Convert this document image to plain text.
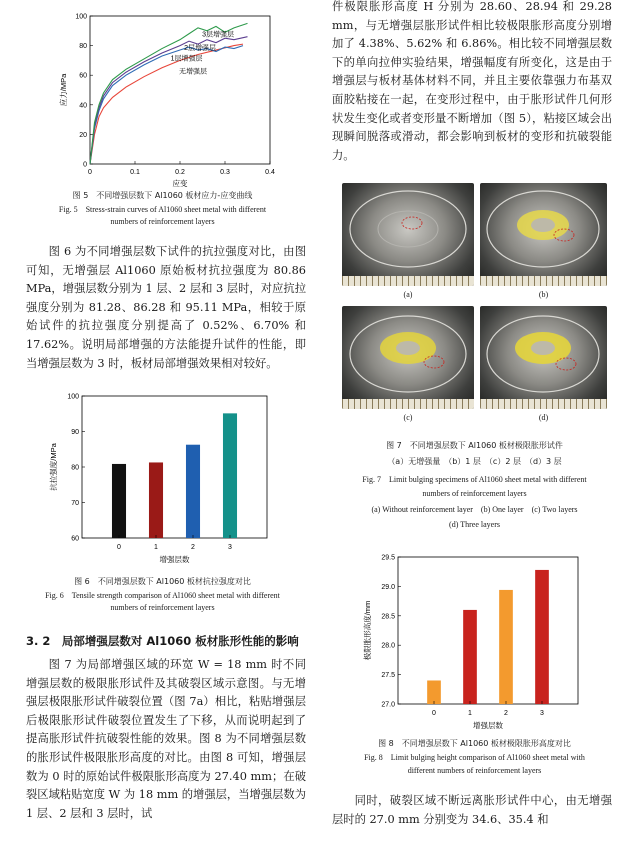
0	0.1	0.2	0.3	0.4
0
20
40
60
80
100
应变
应力/MPa
无增强层
1层增强层
2层增强层
3层增强层
图 5　不同增强层数下 Al1060 板材应力-应变曲线
Fig. 5　Stress-strain curves of Al1060 sheet metal with different
numbers of reinforcement layers

图 6 为不同增强层数下试件的抗拉强度对比，由图可知，无增强层 Al1060 原始板材抗拉强度为 80.86 MPa，增强层数分别为 1 层、2 层和 3 层时，对应抗拉强度分别为 81.28、86.28 和 95.11 MPa，相较于原始试件的抗拉强度分别提高了 0.52%、6.70% 和 17.62%。说明局部增强的方法能提升试件的性能，即当增强层数为 3 时，板材局部增强效果相对较好。

60
70
80
90
100
0	1	2	3
增强层数
抗拉强度/MPa
图 6　不同增强层数下 Al1060 板材抗拉强度对比
Fig. 6　Tensile strength comparison of Al1060 sheet metal with different
numbers of reinforcement layers
3. 2　局部增强层数对 Al1060 板材胀形性能的影响

图 7 为局部增强区域的环宽 W = 18 mm 时不同增强层数的极限胀形试件及其破裂区域示意图。与无增强层极限胀形试件破裂位置（图 7a）相比，粘贴增强层后极限胀形试件破裂位置发生了下移，从而说明起到了提高胀形试件抗破裂性能的效果。图 8 为不同增强层数的胀形试件极限胀形高度的对比。由图 8 可知，增强层数为 0 时的原始试件极限胀形高度为 27.40 mm；在破裂区域粘贴宽度 W 为 18 mm 的增强层，当增强层数为 1 层、2 层和 3 层时，试

件极限胀形高度 H 分别为 28.60、28.94 和 29.28 mm，与无增强层胀形试件相比较极限胀形高度分别增加了 4.38%、5.62% 和 6.86%。相比较不同增强层数下的单向拉伸实验结果，增强幅度有所变化，这是由于增强层与板材基体材料不同，并且主要依靠强力布基双面胶粘接在一起，在变形过程中，由于胀形试件几何形状发生变化或者变形量不断增加（图 5），粘接区域会出现瞬间脱落或滑动，都会影响到板材的变形和抗破裂能力。

(a)	(b)
(c)	(d)
图 7　不同增强层数下 Al1060 板材极限胀形试件
（a）无增强量　（b）1 层　（c）2 层　（d）3 层
Fig. 7　Limit bulging specimens of Al1060 sheet metal with different
numbers of reinforcement layers
(a) Without reinforcement layer　(b) One layer　(c) Two layers
(d) Three layers
27.0
27.5
28.0
28.5
29.0
29.5
0	1	2	3
增强层数
极限胀形高度/mm
图 8　不同增强层数下 Al1060 板材极限胀形高度对比
Fig. 8　Limit bulging height comparison of Al1060 sheet metal with
different numbers of reinforcement layers

同时，破裂区域不断远离胀形试件中心，由无增强层时的 27.0 mm 分别变为 34.6、35.4 和
